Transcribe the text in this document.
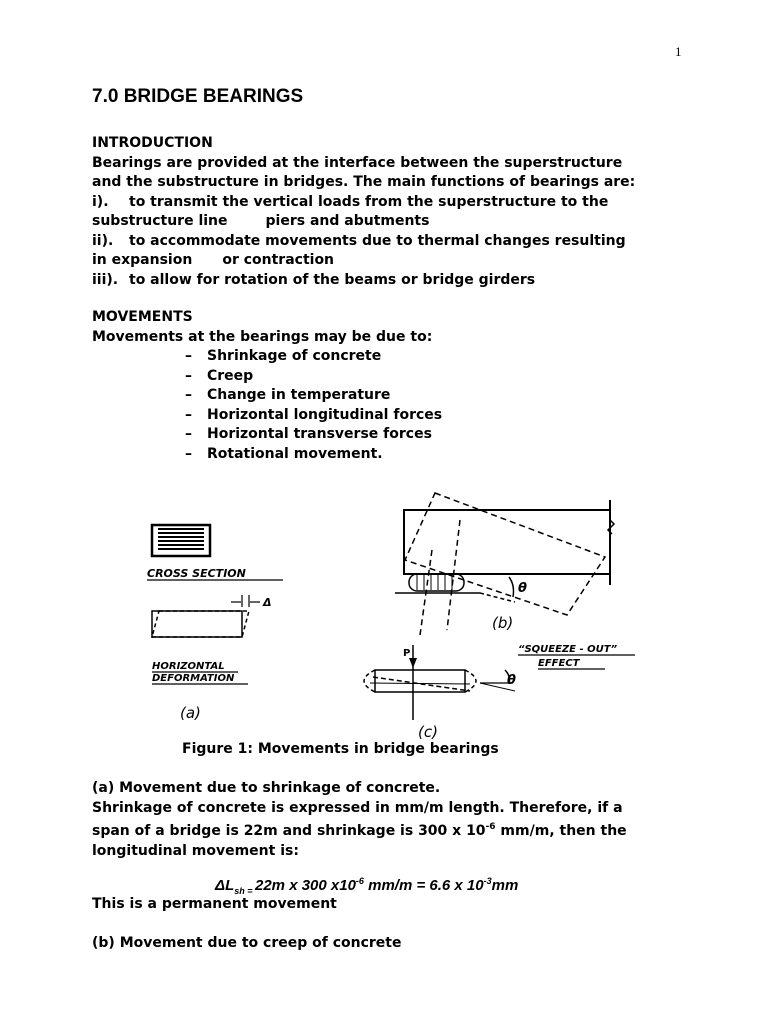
1
7.0 BRIDGE BEARINGS

INTRODUCTION

Bearings are provided at the interface between the superstructure

and the substructure in bridges. The main functions of bearings are:

i). to transmit the vertical loads from the superstructure to the

substructure line	piers and abutments

ii). to accommodate movements due to thermal changes resulting

in expansion or contraction

iii). to allow for rotation of the beams or bridge girders

MOVEMENTS

Movements at the bearings may be due to:

– Shrinkage of concrete
– Creep
– Change in temperature
– Horizontal longitudinal forces
– Horizontal transverse forces
– Rotational movement.
CROSS SECTION
Δ
HORIZONTAL
DEFORMATION
(a)
θ
(b)
P
θ
“SQUEEZE - OUT”
EFFECT
(c)
Figure 1: Movements in bridge bearings

(a) Movement due to shrinkage of concrete.

Shrinkage of concrete is expressed in mm/m length. Therefore, if a

span of a bridge is 22m and shrinkage is 300 x $10^{-6}$ mm/m, then the

longitudinal movement is:

$\Delta L_{sh =}$ 22m x 300 $x10^{-6}$ mm/m = 6.6 x $10^{-3}mm$

This is a permanent movement

(b) Movement due to creep of concrete
